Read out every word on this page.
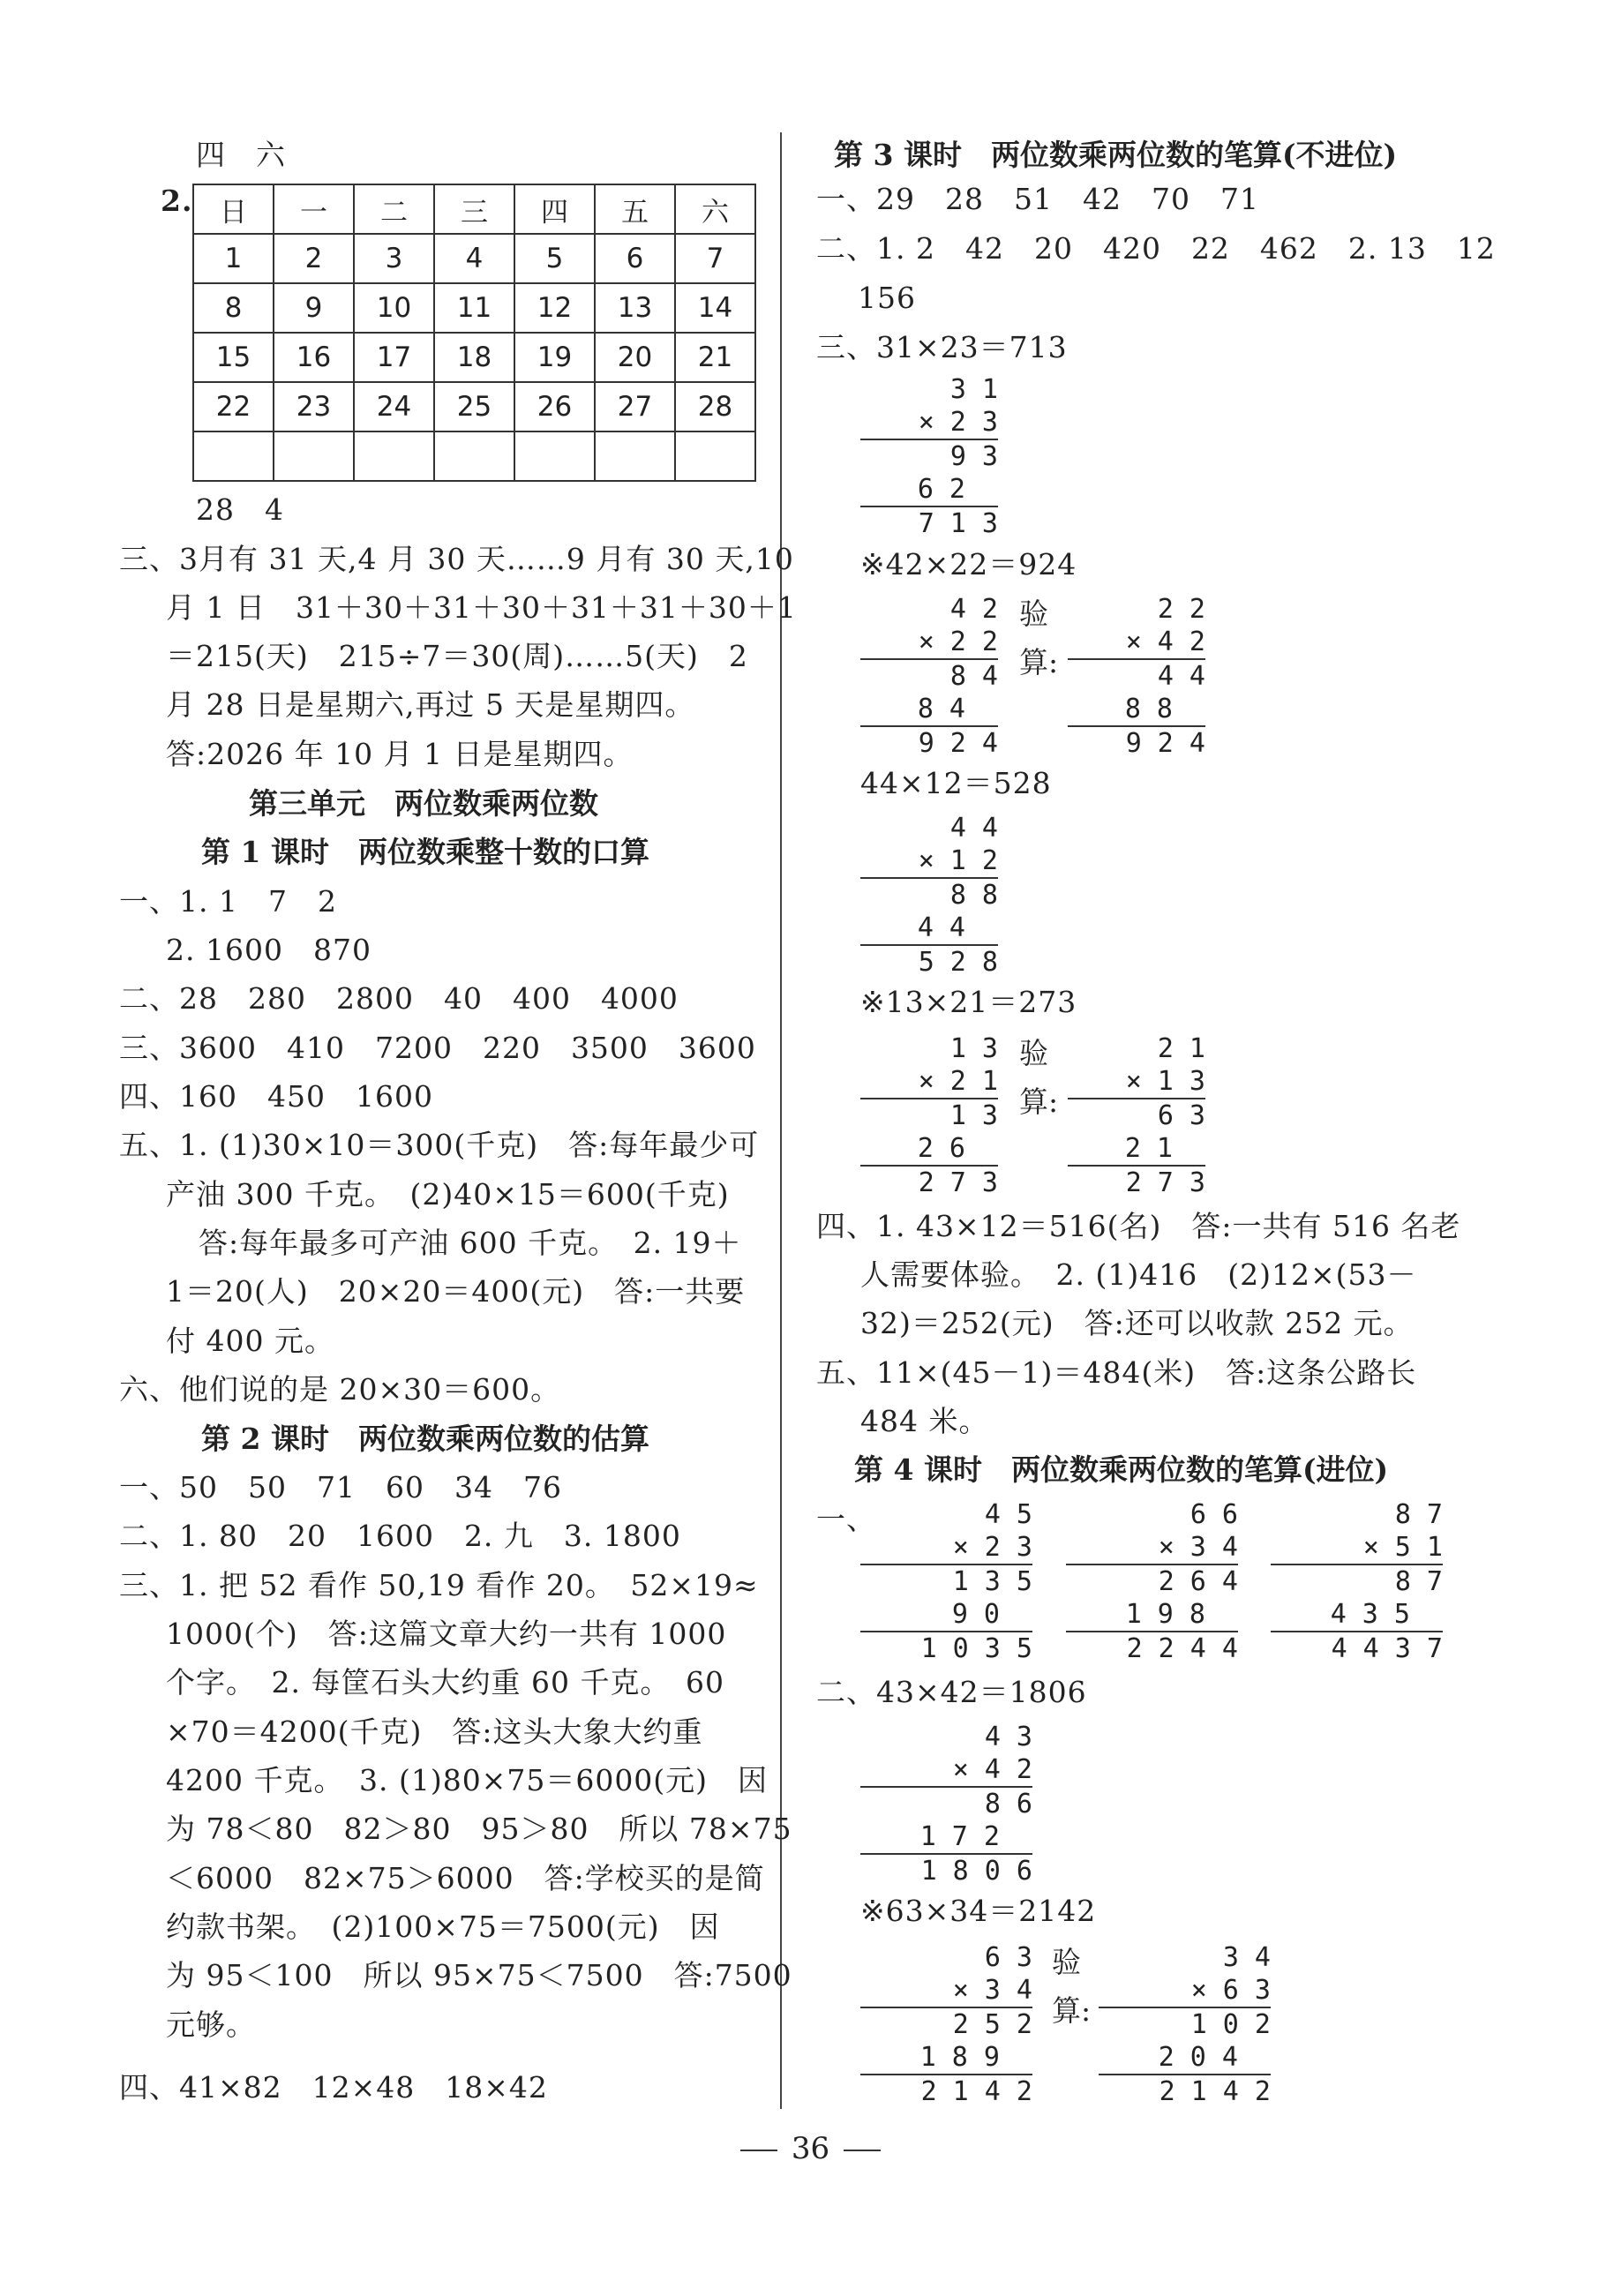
四　六
2. 日	一	二	三	四	五	六
1	2	3	4	5	6	7
8	9	10	11	12	13	14
15	16	17	18	19	20	21
22	23	24	25	26	27	28

28　4
三、3月有 31 天,4 月 30 天……9 月有 30 天,10
月 1 日　31＋30＋31＋30＋31＋31＋30＋1
＝215(天)　215÷7＝30(周)……5(天)　2
月 28 日是星期六,再过 5 天是星期四。
答:2026 年 10 月 1 日是星期四。
第三单元　两位数乘两位数
第 1 课时　两位数乘整十数的口算
一、1. 1　7　2
2. 1600　870
二、28　280　2800　40　400　4000
三、3600　410　7200　220　3500　3600
四、160　450　1600
五、1. (1)30×10＝300(千克)　答:每年最少可
产油 300 千克。　(2)40×15＝600(千克)
答:每年最多可产油 600 千克。　2. 19＋
1＝20(人)　20×20＝400(元)　答:一共要
付 400 元。
六、他们说的是 20×30＝600。
第 2 课时　两位数乘两位数的估算
一、50　50　71　60　34　76
二、1. 80　20　1600　2. 九　3. 1800
三、1. 把 52 看作 50,19 看作 20。　52×19≈
1000(个)　答:这篇文章大约一共有 1000
个字。　2. 每筐石头大约重 60 千克。　60
×70＝4200(千克)　答:这头大象大约重
4200 千克。　3. (1)80×75＝6000(元)　因
为 78＜80　82＞80　95＞80　所以 78×75
＜6000　82×75＞6000　答:学校买的是简
约款书架。　(2)100×75＝7500(元)　因
为 95＜100　所以 95×75＜7500　答:7500
元够。
四、41×82　12×48　18×42
第 3 课时　两位数乘两位数的笔算(不进位)
一、29　28　51　42　70　71
二、1. 2　42　20　420　22　462　2. 13　12
156
三、31×23＝713
3 1
× 2 3
9 3
6 2
7 1 3
※42×22＝924
4 2
× 2 2
8 4
8 4
9 2 4
验
算:
2 2
× 4 2
4 4
8 8
9 2 4
44×12＝528
4 4
× 1 2
8 8
4 4
5 2 8
※13×21＝273
1 3
× 2 1
1 3
2 6
2 7 3
验
算:
2 1
× 1 3
6 3
2 1
2 7 3
四、1. 43×12＝516(名)　答:一共有 516 名老
人需要体验。　2. (1)416　(2)12×(53－
32)＝252(元)　答:还可以收款 252 元。
五、11×(45－1)＝484(米)　答:这条公路长
484 米。
第 4 课时　两位数乘两位数的笔算(进位)
一、	4 5
× 2 3
1 3 5
9 0
1 0 3 5
6 6
× 3 4
2 6 4
1 9 8
2 2 4 4
8 7
× 5 1
8 7
4 3 5
4 4 3 7
二、43×42＝1806
4 3
× 4 2
8 6
1 7 2
1 8 0 6
※63×34＝2142
6 3
× 3 4
2 5 2
1 8 9
2 1 4 2
验
算:
3 4
× 6 3
1 0 2
2 0 4
2 1 4 2
36
